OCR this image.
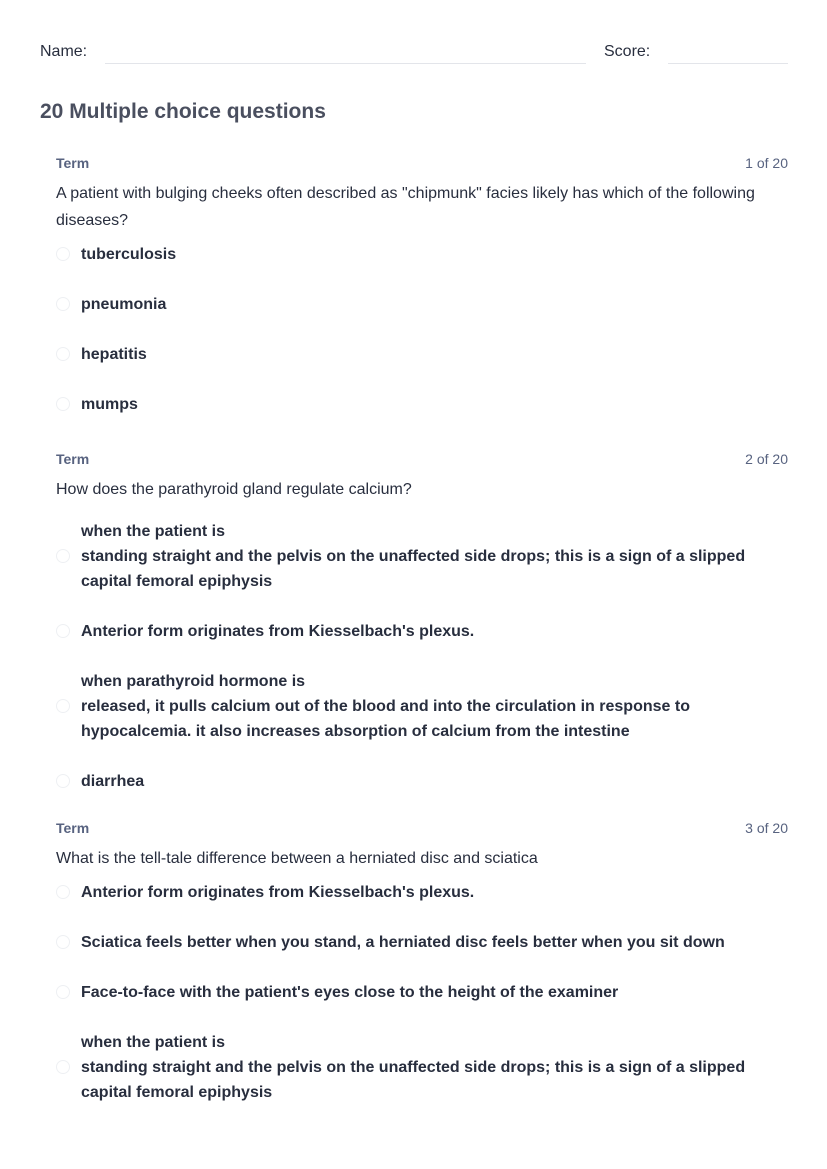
Name:	Score:
20 Multiple choice questions
Term	1 of 20
A patient with bulging cheeks often described as "chipmunk" facies likely has which of the following diseases?
tuberculosis
pneumonia
hepatitis
mumps
Term	2 of 20
How does the parathyroid gland regulate calcium?
when the patient is
standing straight and the pelvis on the unaffected side drops; this is a sign of a slipped capital femoral epiphysis
Anterior form originates from Kiesselbach's plexus.
when parathyroid hormone is
released, it pulls calcium out of the blood and into the circulation in response to hypocalcemia. it also increases absorption of calcium from the intestine
diarrhea
Term	3 of 20
What is the tell-tale difference between a herniated disc and sciatica
Anterior form originates from Kiesselbach's plexus.
Sciatica feels better when you stand, a herniated disc feels better when you sit down
Face-to-face with the patient's eyes close to the height of the examiner
when the patient is
standing straight and the pelvis on the unaffected side drops; this is a sign of a slipped capital femoral epiphysis
